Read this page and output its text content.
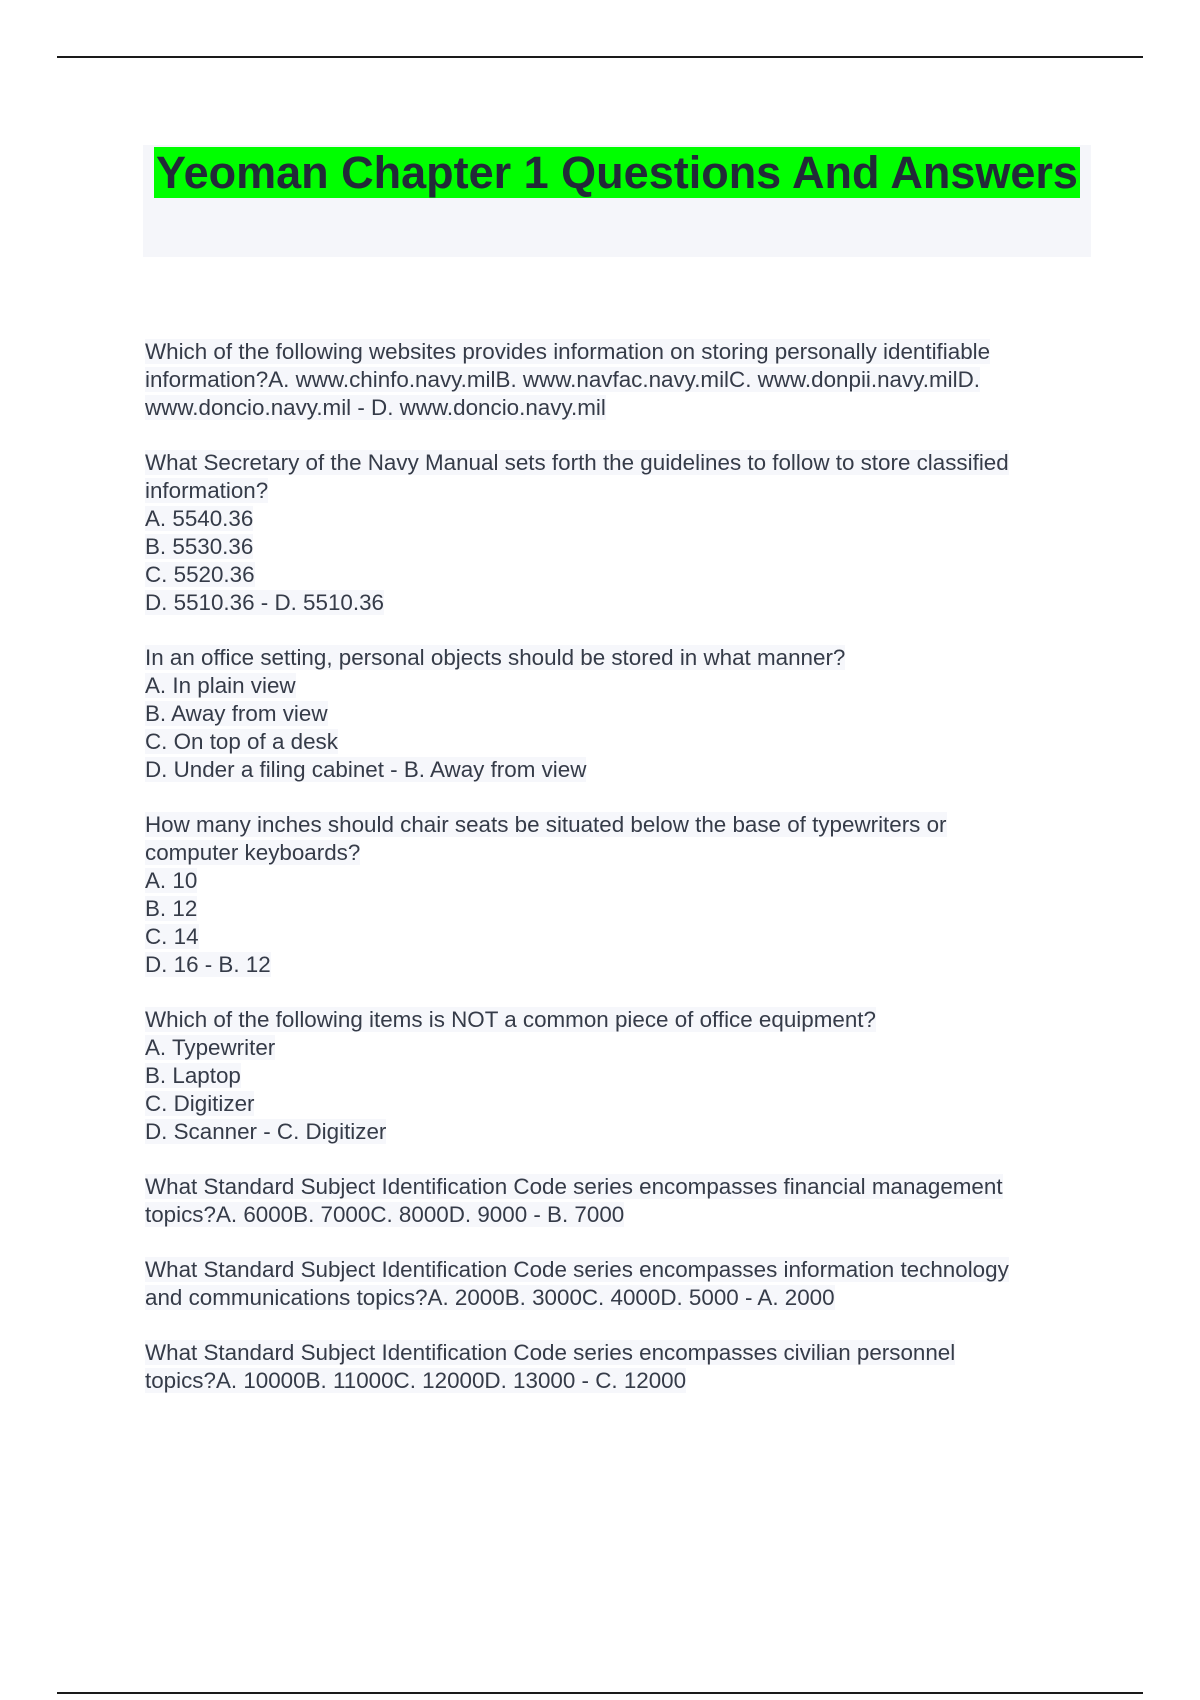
Yeoman Chapter 1 Questions And Answers
Which of the following websites provides information on storing personally identifiable
information?A. www.chinfo.navy.milB. www.navfac.navy.milC. www.donpii.navy.milD.
www.doncio.navy.mil - D. www.doncio.navy.mil
What Secretary of the Navy Manual sets forth the guidelines to follow to store classified
information?
A. 5540.36
B. 5530.36
C. 5520.36
D. 5510.36 - D. 5510.36
In an office setting, personal objects should be stored in what manner?
A. In plain view
B. Away from view
C. On top of a desk
D. Under a filing cabinet - B. Away from view
How many inches should chair seats be situated below the base of typewriters or
computer keyboards?
A. 10
B. 12
C. 14
D. 16 - B. 12
Which of the following items is NOT a common piece of office equipment?
A. Typewriter
B. Laptop
C. Digitizer
D. Scanner - C. Digitizer
What Standard Subject Identification Code series encompasses financial management
topics?A. 6000B. 7000C. 8000D. 9000 - B. 7000
What Standard Subject Identification Code series encompasses information technology
and communications topics?A. 2000B. 3000C. 4000D. 5000 - A. 2000
What Standard Subject Identification Code series encompasses civilian personnel
topics?A. 10000B. 11000C. 12000D. 13000 - C. 12000
